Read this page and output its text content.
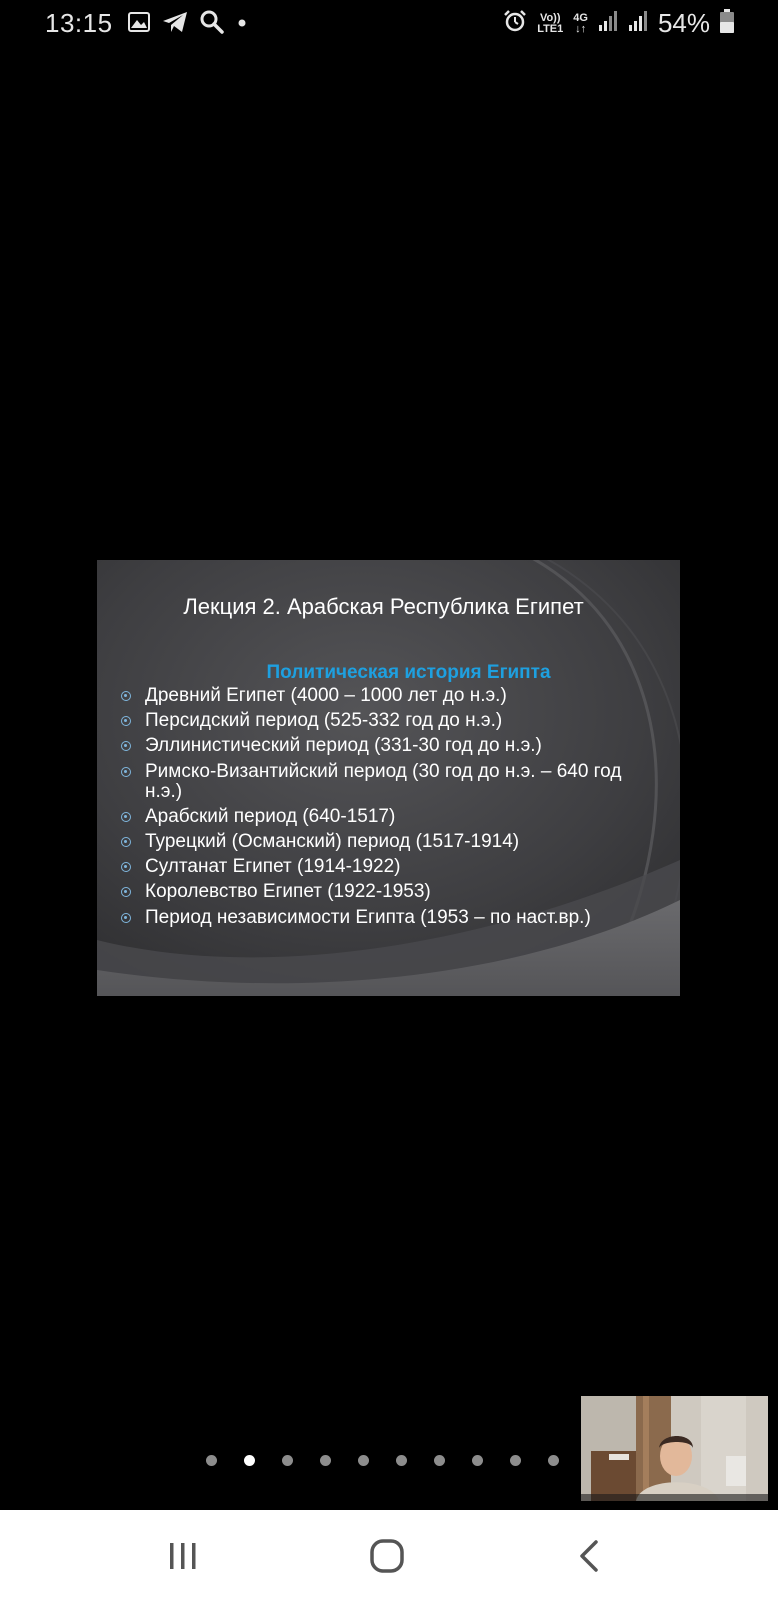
13:15	Vo))
LTE1
4G
↓↑	54%
Лекция 2. Арабская Республика Египет
Политическая история Египта
Древний Египет (4000 – 1000 лет до н.э.)
Персидский период (525-332 год до н.э.)
Эллинистический период (331-30 год до н.э.)
Римско-Византийский период (30 год до н.э. – 640 год н.э.)
Арабский период (640-1517)
Турецкий (Османский) период (1517-1914)
Султанат Египет (1914-1922)
Королевство Египет (1922-1953)
Период независимости Египта (1953 – по наст.вр.)
